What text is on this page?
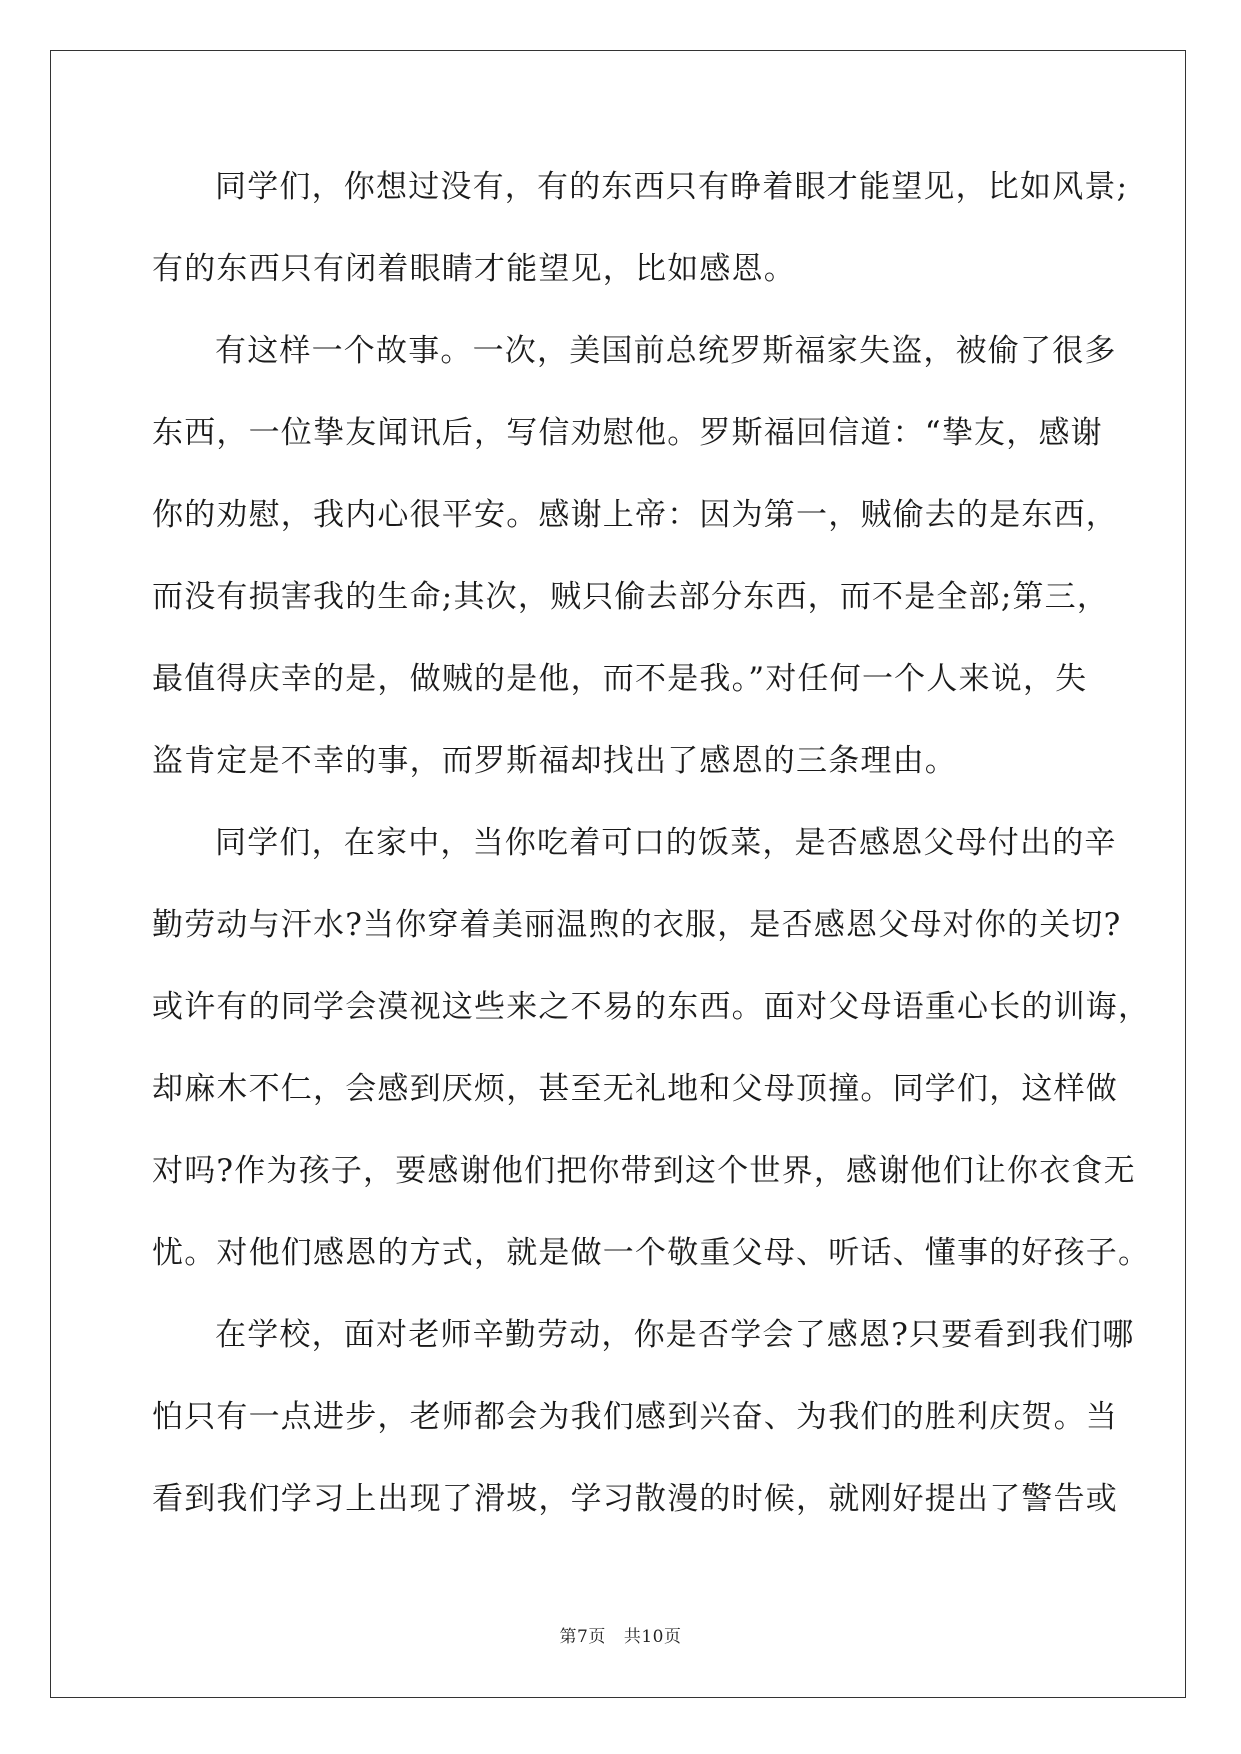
同学们，你想过没有，有的东西只有睁着眼才能望见，比如风景;
有的东西只有闭着眼睛才能望见，比如感恩。
有这样一个故事。一次，美国前总统罗斯福家失盗，被偷了很多
东西，一位挚友闻讯后，写信劝慰他。罗斯福回信道：“挚友，感谢
你的劝慰，我内心很平安。感谢上帝：因为第一，贼偷去的是东西，
而没有损害我的生命;其次，贼只偷去部分东西，而不是全部;第三，
最值得庆幸的是，做贼的是他，而不是我。”对任何一个人来说，失
盗肯定是不幸的事，而罗斯福却找出了感恩的三条理由。
同学们，在家中，当你吃着可口的饭菜，是否感恩父母付出的辛
勤劳动与汗水?当你穿着美丽温煦的衣服，是否感恩父母对你的关切?
或许有的同学会漠视这些来之不易的东西。面对父母语重心长的训诲，
却麻木不仁，会感到厌烦，甚至无礼地和父母顶撞。同学们，这样做
对吗?作为孩子，要感谢他们把你带到这个世界，感谢他们让你衣食无
忧。对他们感恩的方式，就是做一个敬重父母、听话、懂事的好孩子。
在学校，面对老师辛勤劳动，你是否学会了感恩?只要看到我们哪
怕只有一点进步，老师都会为我们感到兴奋、为我们的胜利庆贺。当
看到我们学习上出现了滑坡，学习散漫的时候，就刚好提出了警告或
第7页 共10页
